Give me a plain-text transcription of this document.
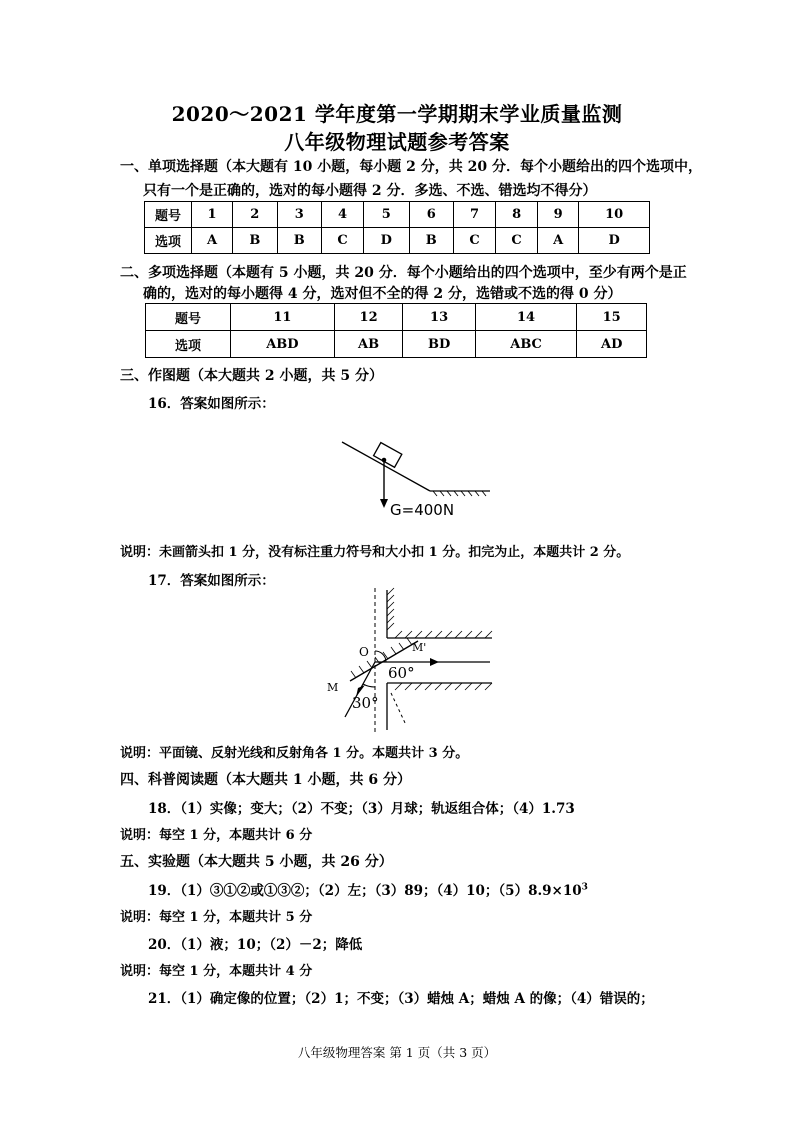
2020～2021 学年度第一学期期末学业质量监测
八年级物理试题参考答案
一、单项选择题（本大题有 10 小题，每小题 2 分，共 20 分．每个小题给出的四个选项中，
只有一个是正确的，选对的每小题得 2 分．多选、不选、错选均不得分）
题号	1	2	3	4	5	6	7	8	9	10
选项	A	B	B	C	D	B	C	C	A	D
二、多项选择题（本题有 5 小题，共 20 分．每个小题给出的四个选项中，至少有两个是正
确的，选对的每小题得 4 分，选对但不全的得 2 分，选错或不选的得 0 分）
题号	11	12	13	14	15
选项	ABD	AB	BD	ABC	AD
三、作图题（本大题共 2 小题，共 5 分）
16．答案如图所示：
G=400N
说明：未画箭头扣 1 分，没有标注重力符号和大小扣 1 分。扣完为止，本题共计 2 分。
17．答案如图所示：
O
M
M'
60°
30°
说明：平面镜、反射光线和反射角各 1 分。本题共计 3 分。
四、科普阅读题（本大题共 1 小题，共 6 分）
18．（1）实像；变大；（2）不变；（3）月球；轨返组合体；（4）1.73
说明：每空 1 分，本题共计 6 分
五、实验题（本大题共 5 小题，共 26 分）
19．（1）③①②或①③②；（2）左；（3）89；（4）10；$(5)8.9\times 10^3$
说明：每空 1 分，本题共计 5 分
20．（1）液；10；（2）－2；降低
说明：每空 1 分，本题共计 4 分
21．（1）确定像的位置；（2）1；不变；（3）蜡烛 A；蜡烛 A 的像；（4）错误的；
八年级物理答案 第 1 页（共 3 页）
